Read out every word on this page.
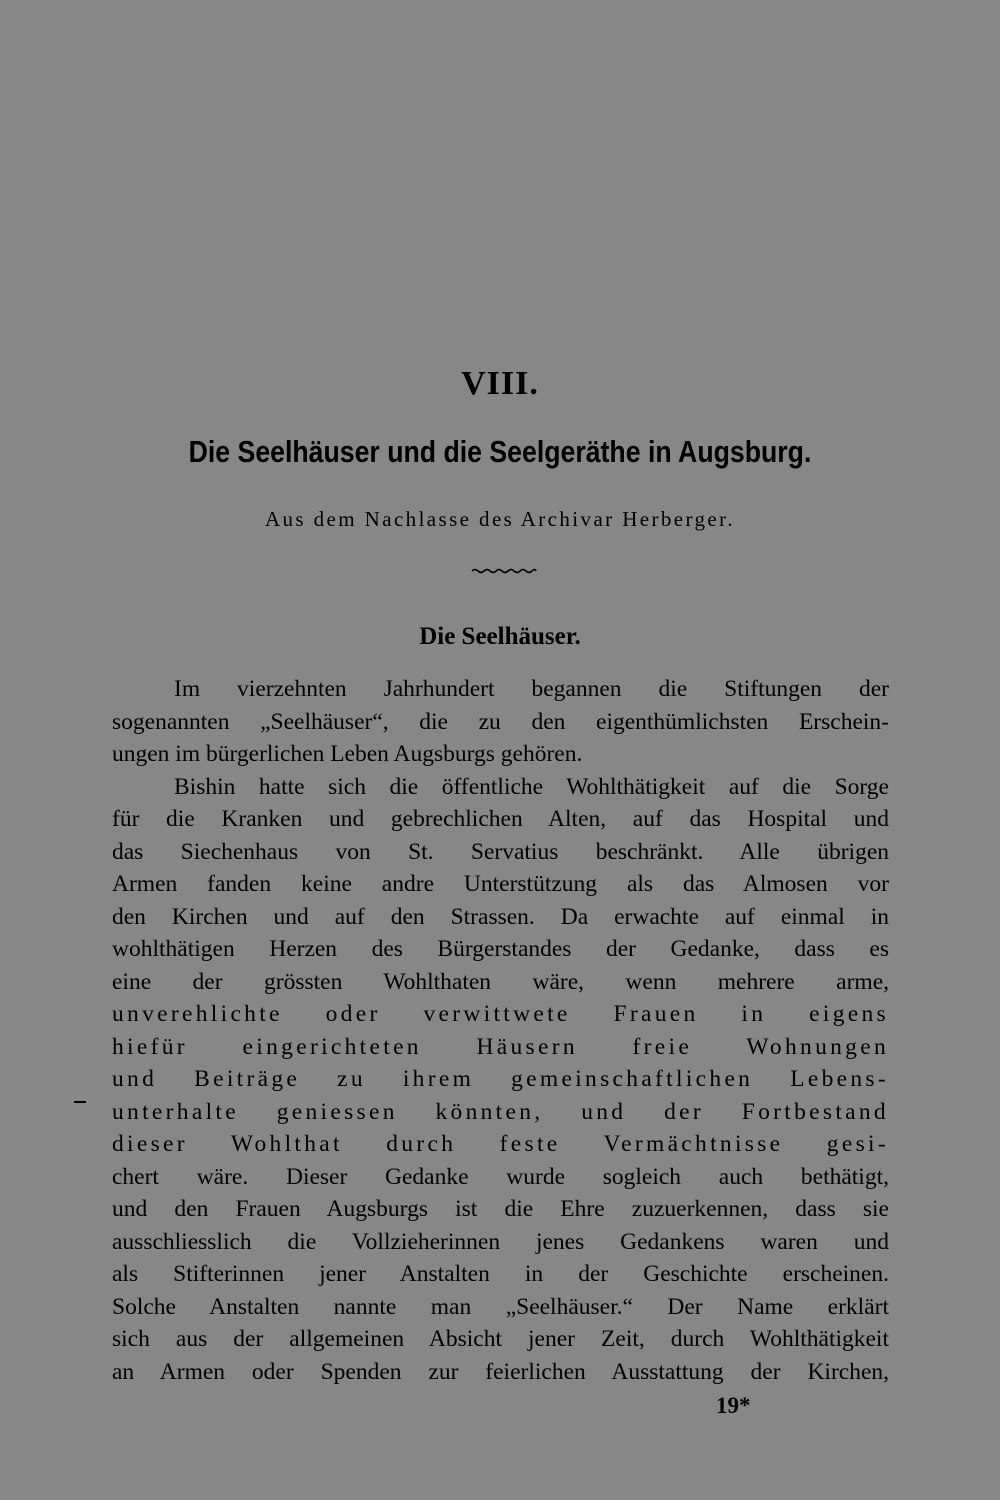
VIII.
Die Seelhäuser und die Seelgeräthe in Augsburg.
Aus dem Nachlasse des Archivar Herberger.
Die Seelhäuser.
Im vierzehnten Jahrhundert begannen die Stiftungen der
sogenannten „Seelhäuser“, die zu den eigenthümlichsten Erschein-
ungen im bürgerlichen Leben Augsburgs gehören.
Bishin hatte sich die öffentliche Wohlthätigkeit auf die Sorge
für die Kranken und gebrechlichen Alten, auf das Hospital und
das Siechenhaus von St. Servatius beschränkt. Alle übrigen
Armen fanden keine andre Unterstützung als das Almosen vor
den Kirchen und auf den Strassen. Da erwachte auf einmal in
wohlthätigen Herzen des Bürgerstandes der Gedanke, dass es
eine der grössten Wohlthaten wäre, wenn mehrere arme,
unverehlichte oder verwittwete Frauen in eigens
hiefür eingerichteten Häusern freie Wohnungen
und Beiträge zu ihrem gemeinschaftlichen Lebens-
unterhalte geniessen könnten, und der Fortbestand
dieser Wohlthat durch feste Vermächtnisse gesi-
chert wäre. Dieser Gedanke wurde sogleich auch bethätigt,
und den Frauen Augsburgs ist die Ehre zuzuerkennen, dass sie
ausschliesslich die Vollzieherinnen jenes Gedankens waren und
als Stifterinnen jener Anstalten in der Geschichte erscheinen.
Solche Anstalten nannte man „Seelhäuser.“ Der Name erklärt
sich aus der allgemeinen Absicht jener Zeit, durch Wohlthätigkeit
an Armen oder Spenden zur feierlichen Ausstattung der Kirchen,
19*
